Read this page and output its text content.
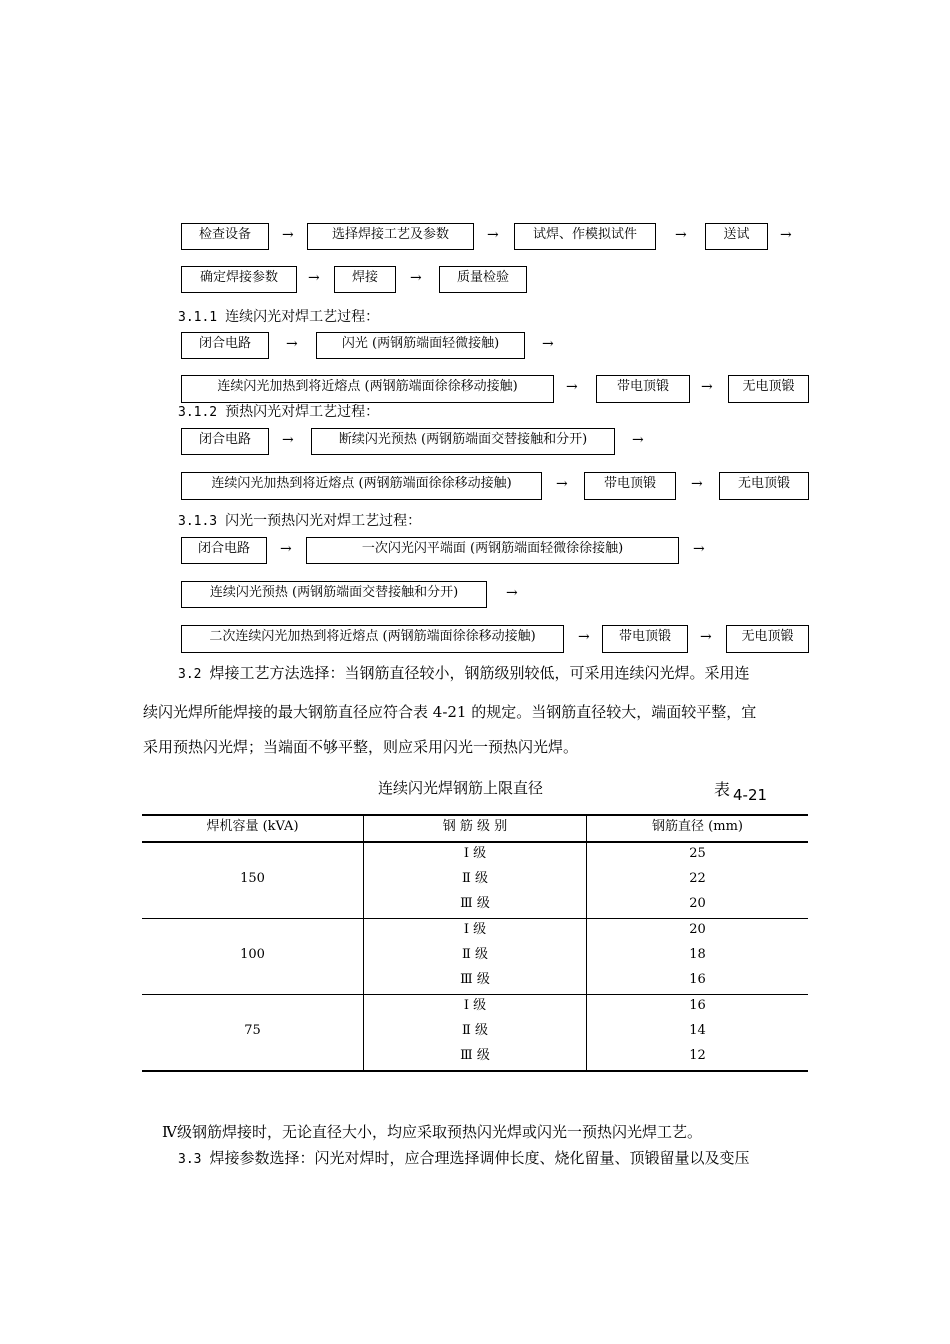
检查设备	→	选择焊接工艺及参数	→	试焊、作模拟试件	→	送试	→
确定焊接参数	→	焊接	→	质量检验
3.1.1 连续闪光对焊工艺过程：
闭合电路	→	闪光 (两钢筋端面轻微接触)	→
连续闪光加热到将近熔点 (两钢筋端面徐徐移动接触)	→	带电顶锻	→	无电顶锻
3.1.2 预热闪光对焊工艺过程：
闭合电路	→	断续闪光预热 (两钢筋端面交替接触和分开)	→
连续闪光加热到将近熔点 (两钢筋端面徐徐移动接触)	→	带电顶锻	→	无电顶锻
3.1.3 闪光一预热闪光对焊工艺过程：
闭合电路	→	一次闪光闪平端面 (两钢筋端面轻微徐徐接触)	→
连续闪光预热 (两钢筋端面交替接触和分开)	→
二次连续闪光加热到将近熔点 (两钢筋端面徐徐移动接触)	→	带电顶锻	→	无电顶锻
3.2 焊接工艺方法选择：当钢筋直径较小，钢筋级别较低，可采用连续闪光焊。采用连
续闪光焊所能焊接的最大钢筋直径应符合表 4-21 的规定。当钢筋直径较大，端面较平整，宜
采用预热闪光焊；当端面不够平整，则应采用闪光一预热闪光焊。
连续闪光焊钢筋上限直径	表 4-21
焊机容量 (kVA)	钢 筋 级 别	钢筋直径 (mm)
150
Ⅰ 级	25
Ⅱ 级	22
Ⅲ 级	20
100
Ⅰ 级	20
Ⅱ 级	18
Ⅲ 级	16
75
Ⅰ 级	16
Ⅱ 级	14
Ⅲ 级	12
Ⅳ级钢筋焊接时，无论直径大小，均应采取预热闪光焊或闪光一预热闪光焊工艺。
3.3 焊接参数选择：闪光对焊时，应合理选择调伸长度、烧化留量、顶锻留量以及变压
